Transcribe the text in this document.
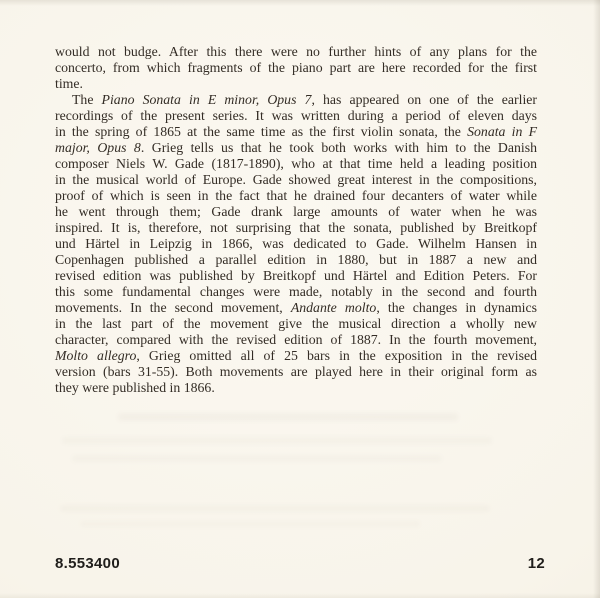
would not budge. After this there were no further hints of any plans for the
concerto, from which fragments of the piano part are here recorded for the first
time.
The Piano Sonata in E minor, Opus 7, has appeared on one of the earlier
recordings of the present series. It was written during a period of eleven days
in the spring of 1865 at the same time as the first violin sonata, the Sonata in F
major, Opus 8. Grieg tells us that he took both works with him to the Danish
composer Niels W. Gade (1817-1890), who at that time held a leading position
in the musical world of Europe. Gade showed great interest in the compositions,
proof of which is seen in the fact that he drained four decanters of water while
he went through them; Gade drank large amounts of water when he was
inspired. It is, therefore, not surprising that the sonata, published by Breitkopf
und Härtel in Leipzig in 1866, was dedicated to Gade. Wilhelm Hansen in
Copenhagen published a parallel edition in 1880, but in 1887 a new and
revised edition was published by Breitkopf und Härtel and Edition Peters. For
this some fundamental changes were made, notably in the second and fourth
movements. In the second movement, Andante molto, the changes in dynamics
in the last part of the movement give the musical direction a wholly new
character, compared with the revised edition of 1887. In the fourth movement,
Molto allegro, Grieg omitted all of 25 bars in the exposition in the revised
version (bars 31-55). Both movements are played here in their original form as
they were published in 1866.
8.553400	12
